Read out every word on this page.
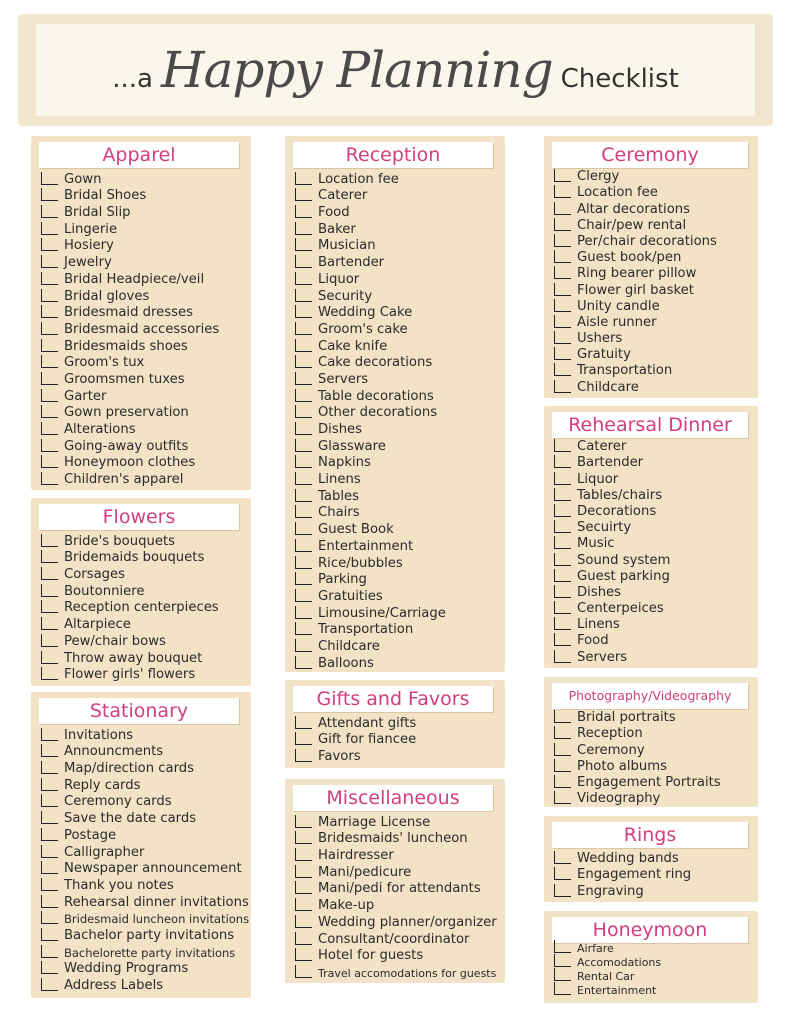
...a Happy Planning Checklist
Apparel
Gown
Bridal Shoes
Bridal Slip
Lingerie
Hosiery
Jewelry
Bridal Headpiece/veil
Bridal gloves
Bridesmaid dresses
Bridesmaid accessories
Bridesmaids shoes
Groom's tux
Groomsmen tuxes
Garter
Gown preservation
Alterations
Going-away outfits
Honeymoon clothes
Children's apparel
Flowers
Bride's bouquets
Bridemaids bouquets
Corsages
Boutonniere
Reception centerpieces
Altarpiece
Pew/chair bows
Throw away bouquet
Flower girls' flowers
Stationary
Invitations
Announcments
Map/direction cards
Reply cards
Ceremony cards
Save the date cards
Postage
Calligrapher
Newspaper announcement
Thank you notes
Rehearsal dinner invitations
Bridesmaid luncheon invitations
Bachelor party invitations
Bachelorette party invitations
Wedding Programs
Address Labels
Reception
Location fee
Caterer
Food
Baker
Musician
Bartender
Liquor
Security
Wedding Cake
Groom's cake
Cake knife
Cake decorations
Servers
Table decorations
Other decorations
Dishes
Glassware
Napkins
Linens
Tables
Chairs
Guest Book
Entertainment
Rice/bubbles
Parking
Gratuities
Limousine/Carriage
Transportation
Childcare
Balloons
Gifts and Favors
Attendant gifts
Gift for fiancee
Favors
Miscellaneous
Marriage License
Bridesmaids' luncheon
Hairdresser
Mani/pedicure
Mani/pedi for attendants
Make-up
Wedding planner/organizer
Consultant/coordinator
Hotel for guests
Travel accomodations for guests
Ceremony
Clergy
Location fee
Altar decorations
Chair/pew rental
Per/chair decorations
Guest book/pen
Ring bearer pillow
Flower girl basket
Unity candle
Aisle runner
Ushers
Gratuity
Transportation
Childcare
Rehearsal Dinner
Caterer
Bartender
Liquor
Tables/chairs
Decorations
Secuirty
Music
Sound system
Guest parking
Dishes
Centerpeices
Linens
Food
Servers
Photography/Videography
Bridal portraits
Reception
Ceremony
Photo albums
Engagement Portraits
Videography
Rings
Wedding bands
Engagement ring
Engraving
Honeymoon
Airfare
Accomodations
Rental Car
Entertainment
